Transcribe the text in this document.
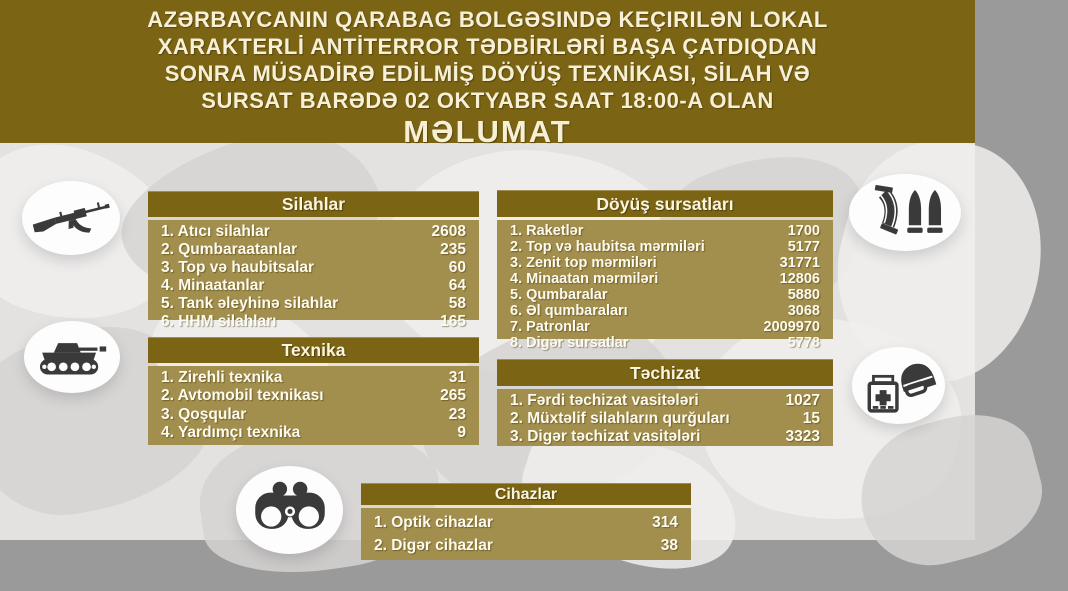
AZƏRBAYCANIN QARABAG BOLGƏSINDƏ KEÇIRILƏN LOKAL
XARAKTERLİ ANTİTERROR TƏDBİRLƏRİ BAŞA ÇATDIQDAN
SONRA MÜSADİRƏ EDİLMİŞ DÖYÜŞ TEXNİKASI, SİLAH VƏ
SURSAT BARƏDƏ 02 OKTYABR SAAT 18:00-A OLAN
MƏLUMAT
Silahlar
1. Atıcı silahlar	2608
2. Qumbaraatanlar	235
3. Top və haubitsalar	60
4. Minaatanlar	64
5. Tank əleyhinə silahlar	58
6. HHM silahları	165
Döyüş sursatları
1. Raketlər	1700
2. Top və haubitsa mərmiləri	5177
3. Zenit top mərmiləri	31771
4. Minaatan mərmiləri	12806
5. Qumbaralar	5880
6. Əl qumbaraları	3068
7. Patronlar	2009970
8. Digər sursatlar	5778
Texnika
1. Zirehli texnika	31
2. Avtomobil texnikası	265
3. Qoşqular	23
4. Yardımçı texnika	9
Təchizat
1. Fərdi təchizat vasitələri	1027
2. Müxtəlif silahların qurğuları	15
3. Digər təchizat vasitələri	3323
Cihazlar
1. Optik cihazlar	314
2. Digər cihazlar	38
